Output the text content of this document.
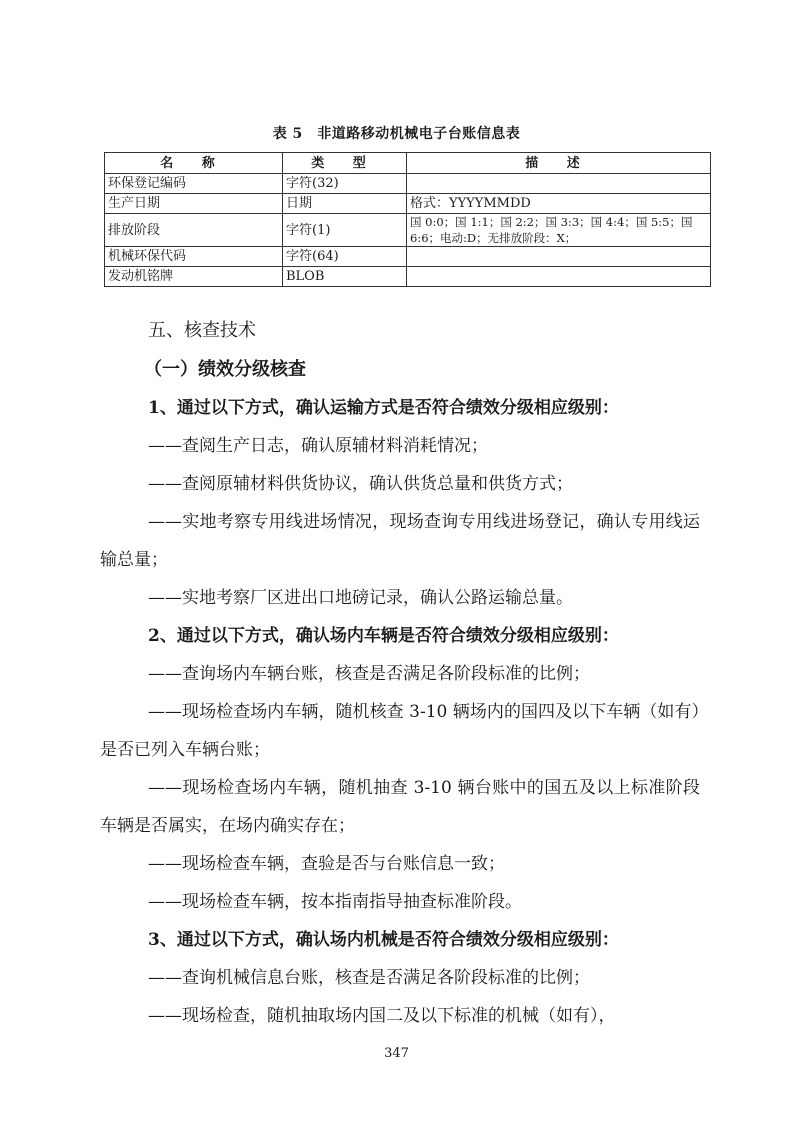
表 5　非道路移动机械电子台账信息表
名 称	类 型	描 述
环保登记编码	字符(32)	
生产日期	日期	格式：YYYYMMDD
排放阶段	字符(1)	国 0:0；国 1:1；国 2:2；国 3:3；国 4:4；国 5:5；国 6:6；电动:D；无排放阶段：X；
机械环保代码	字符(64)	
发动机铭牌	BLOB	
五、核查技术
（一）绩效分级核查
1、通过以下方式，确认运输方式是否符合绩效分级相应级别：
——查阅生产日志，确认原辅材料消耗情况；
——查阅原辅材料供货协议，确认供货总量和供货方式；
——实地考察专用线进场情况，现场查询专用线进场登记，确认专用线运输总量；
——实地考察厂区进出口地磅记录，确认公路运输总量。
2、通过以下方式，确认场内车辆是否符合绩效分级相应级别：
——查询场内车辆台账，核查是否满足各阶段标准的比例；
——现场检查场内车辆，随机核查 3-10 辆场内的国四及以下车辆（如有）是否已列入车辆台账；
——现场检查场内车辆，随机抽查 3-10 辆台账中的国五及以上标准阶段车辆是否属实，在场内确实存在；
——现场检查车辆，查验是否与台账信息一致；
——现场检查车辆，按本指南指导抽查标准阶段。
3、通过以下方式，确认场内机械是否符合绩效分级相应级别：
——查询机械信息台账，核查是否满足各阶段标准的比例；
——现场检查，随机抽取场内国二及以下标准的机械（如有），
347
